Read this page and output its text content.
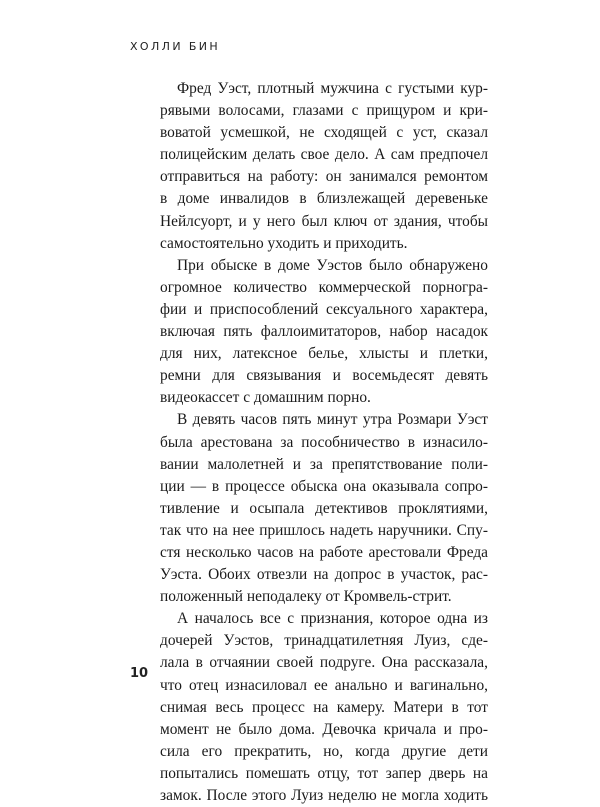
ХОЛЛИ БИН
Фред Уэст, плотный мужчина с густыми кур-
рявыми волосами, глазами с прищуром и кри-
воватой усмешкой, не сходящей с уст, сказал
полицейским делать свое дело. А сам предпочел
отправиться на работу: он занимался ремонтом
в доме инвалидов в близлежащей деревеньке
Нейлсуорт, и у него был ключ от здания, чтобы
самостоятельно уходить и приходить.
При обыске в доме Уэстов было обнаружено
огромное количество коммерческой порногра-
фии и приспособлений сексуального характера,
включая пять фаллоимитаторов, набор насадок
для них, латексное белье, хлысты и плетки,
ремни для связывания и восемьдесят девять
видеокассет с домашним порно.
В девять часов пять минут утра Розмари Уэст
была арестована за пособничество в изнасило-
вании малолетней и за препятствование поли-
ции — в процессе обыска она оказывала сопро-
тивление и осыпала детективов проклятиями,
так что на нее пришлось надеть наручники. Спу-
стя несколько часов на работе арестовали Фреда
Уэста. Обоих отвезли на допрос в участок, рас-
положенный неподалеку от Кромвель-стрит.
А началось все с признания, которое одна из
дочерей Уэстов, тринадцатилетняя Луиз, сде-
лала в отчаянии своей подруге. Она рассказала,
что отец изнасиловал ее анально и вагинально,
снимая весь процесс на камеру. Матери в тот
момент не было дома. Девочка кричала и про-
сила его прекратить, но, когда другие дети
попытались помешать отцу, тот запер дверь на
замок. После этого Луиз неделю не могла ходить
10
